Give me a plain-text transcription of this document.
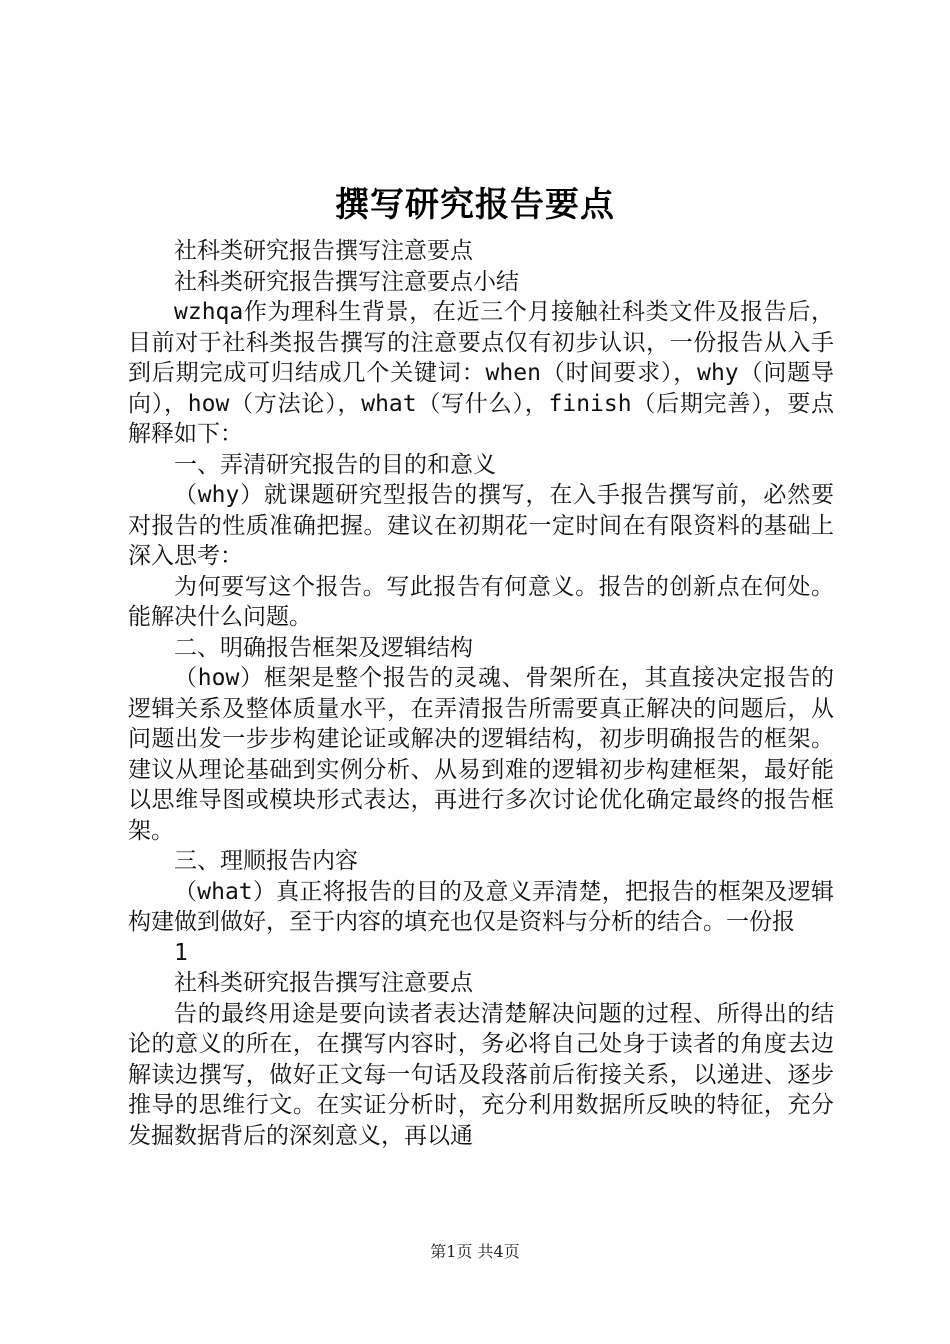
撰写研究报告要点

社科类研究报告撰写注意要点

社科类研究报告撰写注意要点小结

wzhqa作为理科生背景，在近三个月接触社科类文件及报告后，目前对于社科类报告撰写的注意要点仅有初步认识，一份报告从入手到后期完成可归结成几个关键词：when（时间要求），why（问题导向），how（方法论），what（写什么），finish（后期完善），要点解释如下：

一、弄清研究报告的目的和意义

（why）就课题研究型报告的撰写，在入手报告撰写前，必然要对报告的性质准确把握。建议在初期花一定时间在有限资料的基础上深入思考：

为何要写这个报告。写此报告有何意义。报告的创新点在何处。能解决什么问题。

二、明确报告框架及逻辑结构

（how）框架是整个报告的灵魂、骨架所在，其直接决定报告的逻辑关系及整体质量水平，在弄清报告所需要真正解决的问题后，从问题出发一步步构建论证或解决的逻辑结构，初步明确报告的框架。建议从理论基础到实例分析、从易到难的逻辑初步构建框架，最好能以思维导图或模块形式表达，再进行多次讨论优化确定最终的报告框架。

三、理顺报告内容

（what）真正将报告的目的及意义弄清楚，把报告的框架及逻辑构建做到做好，至于内容的填充也仅是资料与分析的结合。一份报

1

社科类研究报告撰写注意要点

告的最终用途是要向读者表达清楚解决问题的过程、所得出的结论的意义的所在，在撰写内容时，务必将自己处身于读者的角度去边解读边撰写，做好正文每一句话及段落前后衔接关系，以递进、逐步推导的思维行文。在实证分析时，充分利用数据所反映的特征，充分发掘数据背后的深刻意义，再以通

第1页 共4页
